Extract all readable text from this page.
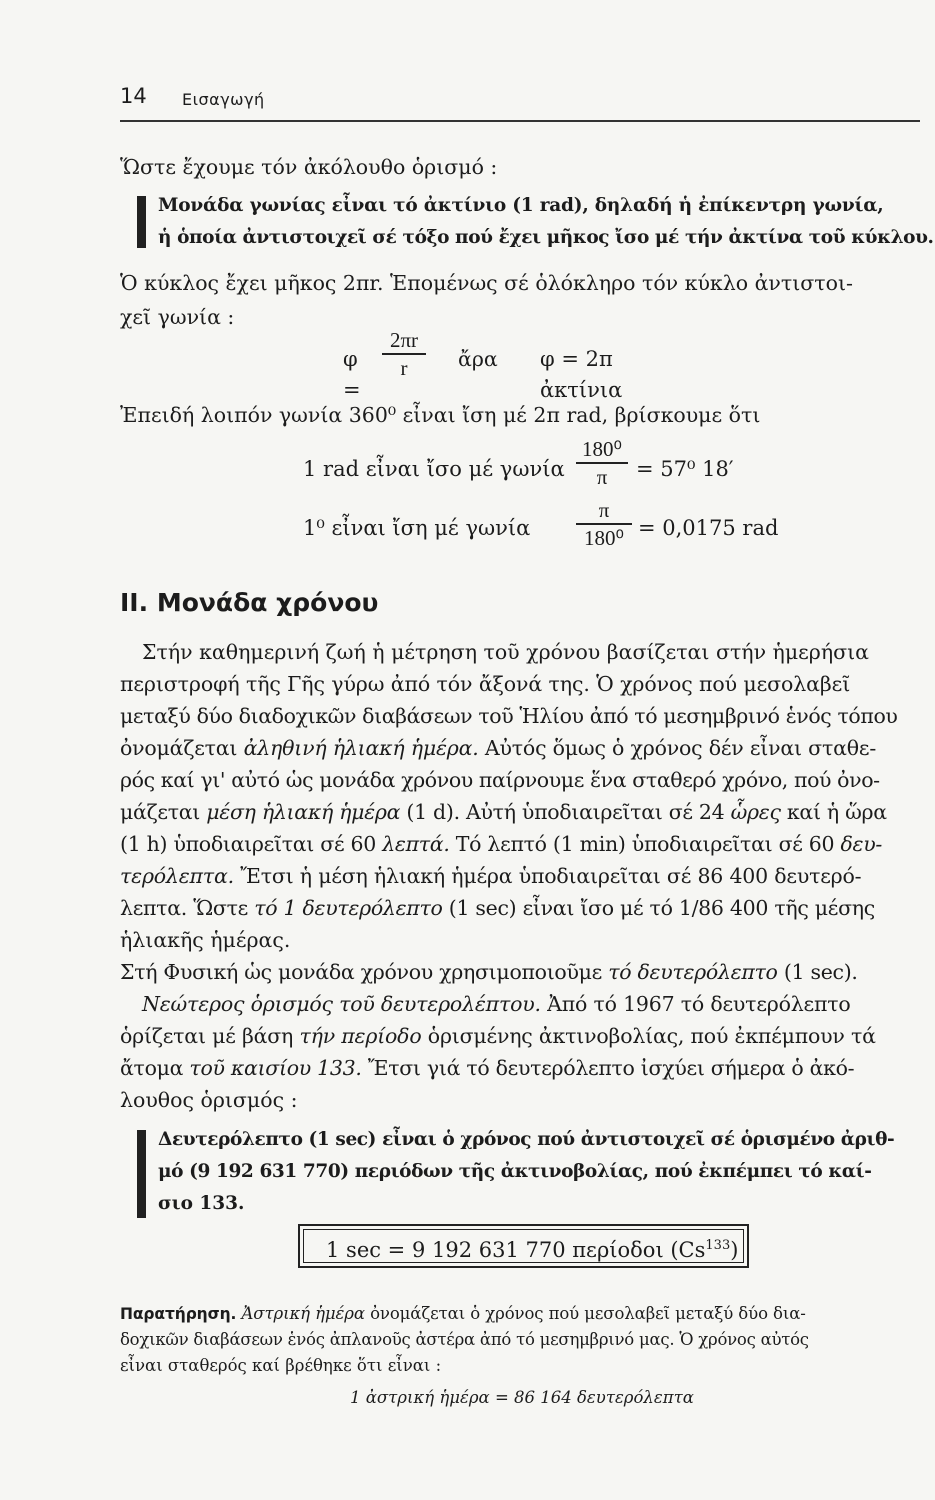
14 Εισαγωγή
Ὥστε ἔχουμε τόν ἀκόλουθο ὁρισμό :
Μονάδα γωνίας εἶναι τό ἀκτίνιο (1 rad), δηλαδή ἡ ἐπίκεντρη γωνία,
ἡ ὁποία ἀντιστοιχεῖ σέ τόξο πού ἔχει μῆκος ἴσο μέ τήν ἀκτίνα τοῦ κύκλου.
Ὁ κύκλος ἔχει μῆκος 2πr. Ἑπομένως σέ ὁλόκληρο τόν κύκλο ἀντιστοι-
χεῖ γωνία :
φ =
2πr
r	ἄρα φ = 2π ἀκτίνια
Ἐπειδή λοιπόν γωνία 360⁰ εἶναι ἴση μέ 2π rad, βρίσκουμε ὅτι
1 rad εἶναι ἴσο μέ γωνία
180⁰
π	= 57⁰ 18′
1⁰ εἶναι ἴση μέ γωνία
π
180⁰ = 0,0175 rad
II. Μονάδα χρόνου
Στήν καθημερινή ζωή ἡ μέτρηση τοῦ χρόνου βασίζεται στήν ἡμερήσια
περιστροφή τῆς Γῆς γύρω ἀπό τόν ἄξονά της. Ὁ χρόνος πού μεσολαβεῖ
μεταξύ δύο διαδοχικῶν διαβάσεων τοῦ Ἡλίου ἀπό τό μεσημβρινό ἑνός τόπου
ὀνομάζεται ἀληθινή ἡλιακή ἡμέρα. Αὐτός ὅμως ὁ χρόνος δέν εἶναι σταθε-
ρός καί γι' αὐτό ὡς μονάδα χρόνου παίρνουμε ἕνα σταθερό χρόνο, πού ὀνο-
μάζεται μέση ἡλιακή ἡμέρα (1 d). Αὐτή ὑποδιαιρεῖται σέ 24 ὧρες καί ἡ ὥρα
(1 h) ὑποδιαιρεῖται σέ 60 λεπτά. Τό λεπτό (1 min) ὑποδιαιρεῖται σέ 60 δευ-
τερόλεπτα. Ἔτσι ἡ μέση ἡλιακή ἡμέρα ὑποδιαιρεῖται σέ 86 400 δευτερό-
λεπτα. Ὥστε τό 1 δευτερόλεπτο (1 sec) εἶναι ἴσο μέ τό 1/86 400 τῆς μέσης
ἡλιακῆς ἡμέρας.
Στή Φυσική ὡς μονάδα χρόνου χρησιμοποιοῦμε τό δευτερόλεπτο (1 sec).
Νεώτερος ὁρισμός τοῦ δευτερολέπτου. Ἀπό τό 1967 τό δευτερόλεπτο
ὁρίζεται μέ βάση τήν περίοδο ὁρισμένης ἀκτινοβολίας, πού ἐκπέμπουν τά
ἄτομα τοῦ καισίου 133. Ἔτσι γιά τό δευτερόλεπτο ἰσχύει σήμερα ὁ ἀκό-
λουθος ὁρισμός :
Δευτερόλεπτο (1 sec) εἶναι ὁ χρόνος πού ἀντιστοιχεῖ σέ ὁρισμένο ἀριθ-
μό (9 192 631 770) περιόδων τῆς ἀκτινοβολίας, πού ἐκπέμπει τό καί-
σιο 133.
1 sec = 9 192 631 770 περίοδοι (Cs$^{133}$)
Παρατήρηση. Ἀστρική ἡμέρα ὀνομάζεται ὁ χρόνος πού μεσολαβεῖ μεταξύ δύο δια-
δοχικῶν διαβάσεων ἑνός ἀπλανοῦς ἀστέρα ἀπό τό μεσημβρινό μας. Ὁ χρόνος αὐτός
εἶναι σταθερός καί βρέθηκε ὅτι εἶναι :
1 ἀστρική ἡμέρα = 86 164 δευτερόλεπτα
